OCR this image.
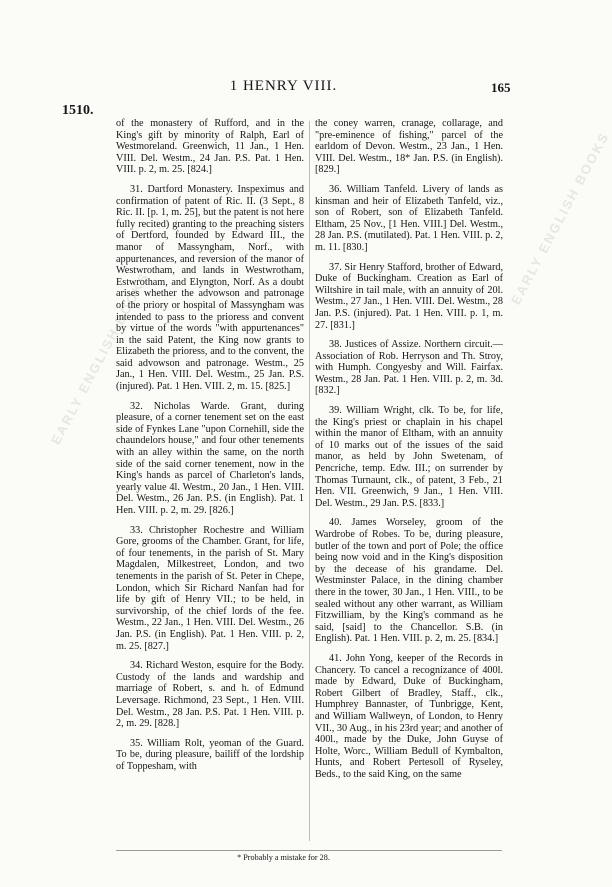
EARLY ENGLISH BOOKS
EARLY ENGLISH BOOKS
1 HENRY VIII.	165
1510.

of the monastery of Rufford, and in the King's gift by minority of Ralph, Earl of Westmoreland. Greenwich, 11 Jan., 1 Hen. VIII. Del. Westm., 24 Jan. P.S. Pat. 1 Hen. VIII. p. 2, m. 25. [824.]

31. Dartford Monastery. Inspeximus and confirmation of patent of Ric. II. (3 Sept., 8 Ric. II. [p. 1, m. 25], but the patent is not here fully recited) granting to the preaching sisters of Dertford, founded by Edward III., the manor of Massyngham, Norf., with appurtenances, and reversion of the manor of Westwrotham, and lands in Westwrotham, Estwrotham, and Elyngton, Norf. As a doubt arises whether the advowson and patronage of the priory or hospital of Massyngham was intended to pass to the prioress and convent by virtue of the words "with appurtenances" in the said Patent, the King now grants to Elizabeth the prioress, and to the convent, the said advowson and patronage. Westm., 25 Jan., 1 Hen. VIII. Del. Westm., 25 Jan. P.S. (injured). Pat. 1 Hen. VIII. 2, m. 15. [825.]

32. Nicholas Warde. Grant, during pleasure, of a corner tenement set on the east side of Fynkes Lane "upon Cornehill, side the chaundelors house," and four other tenements with an alley within the same, on the north side of the said corner tenement, now in the King's hands as parcel of Charleton's lands, yearly value 4l. Westm., 20 Jan., 1 Hen. VIII. Del. Westm., 26 Jan. P.S. (in English). Pat. 1 Hen. VIII. p. 2, m. 29. [826.]

33. Christopher Rochestre and William Gore, grooms of the Chamber. Grant, for life, of four tenements, in the parish of St. Mary Magdalen, Milkestreet, London, and two tenements in the parish of St. Peter in Chepe, London, which Sir Richard Nanfan had for life by gift of Henry VII.; to be held, in survivorship, of the chief lords of the fee. Westm., 22 Jan., 1 Hen. VIII. Del. Westm., 26 Jan. P.S. (in English). Pat. 1 Hen. VIII. p. 2, m. 25. [827.]

34. Richard Weston, esquire for the Body. Custody of the lands and wardship and marriage of Robert, s. and h. of Edmund Leversage. Richmond, 23 Sept., 1 Hen. VIII. Del. Westm., 28 Jan. P.S. Pat. 1 Hen. VIII. p. 2, m. 29. [828.]

35. William Rolt, yeoman of the Guard. To be, during pleasure, bailiff of the lordship of Toppesham, with

the coney warren, cranage, collarage, and "pre-eminence of fishing," parcel of the earldom of Devon. Westm., 23 Jan., 1 Hen. VIII. Del. Westm., 18* Jan. P.S. (in English). [829.]

36. William Tanfeld. Livery of lands as kinsman and heir of Elizabeth Tanfeld, viz., son of Robert, son of Elizabeth Tanfeld. Eltham, 25 Nov., [1 Hen. VIII.] Del. Westm., 28 Jan. P.S. (mutilated). Pat. 1 Hen. VIII. p. 2, m. 11. [830.]

37. Sir Henry Stafford, brother of Edward, Duke of Buckingham. Creation as Earl of Wiltshire in tail male, with an annuity of 20l. Westm., 27 Jan., 1 Hen. VIII. Del. Westm., 28 Jan. P.S. (injured). Pat. 1 Hen. VIII. p. 1, m. 27. [831.]

38. Justices of Assize. Northern circuit.—Association of Rob. Herryson and Th. Stroy, with Humph. Congyesby and Will. Fairfax. Westm., 28 Jan. Pat. 1 Hen. VIII. p. 2, m. 3d. [832.]

39. William Wright, clk. To be, for life, the King's priest or chaplain in his chapel within the manor of Eltham, with an annuity of 10 marks out of the issues of the said manor, as held by John Swetenam, of Pencriche, temp. Edw. III.; on surrender by Thomas Turnaunt, clk., of patent, 3 Feb., 21 Hen. VII. Greenwich, 9 Jan., 1 Hen. VIII. Del. Westm., 29 Jan. P.S. [833.]

40. James Worseley, groom of the Wardrobe of Robes. To be, during pleasure, butler of the town and port of Pole; the office being now void and in the King's disposition by the decease of his grandame. Del. Westminster Palace, in the dining chamber there in the tower, 30 Jan., 1 Hen. VIII., to be sealed without any other warrant, as William Fitzwilliam, by the King's command as he said, [said] to the Chancellor. S.B. (in English). Pat. 1 Hen. VIII. p. 2, m. 25. [834.]

41. John Yong, keeper of the Records in Chancery. To cancel a recognizance of 400l. made by Edward, Duke of Buckingham, Robert Gilbert of Bradley, Staff., clk., Humphrey Bannaster, of Tunbrigge, Kent, and William Wallweyn, of London, to Henry VII., 30 Aug., in his 23rd year; and another of 400l., made by the Duke, John Guyse of Holte, Worc., William Bedull of Kymbalton, Hunts, and Robert Pertesoll of Ryseley, Beds., to the said King, on the same

* Probably a mistake for 28.
